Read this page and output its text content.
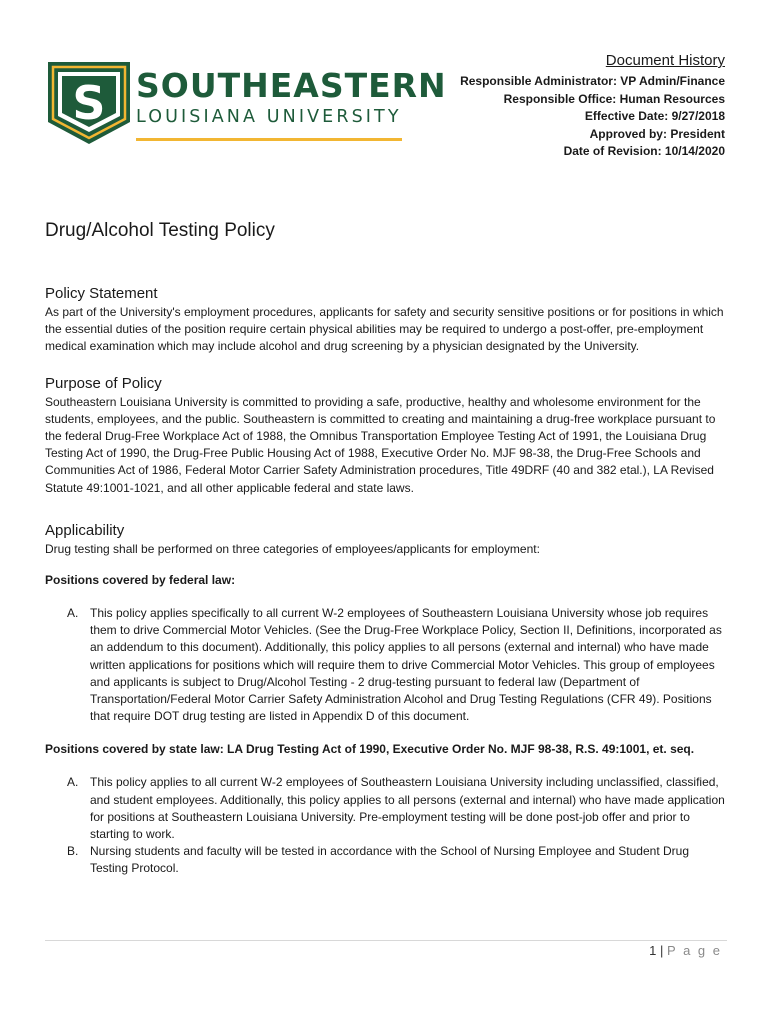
S SOUTHEASTERN
LOUISIANA UNIVERSITY
Document History
Responsible Administrator: VP Admin/Finance
Responsible Office: Human Resources
Effective Date: 9/27/2018
Approved by: President
Date of Revision: 10/14/2020
Drug/Alcohol Testing Policy
Policy Statement

As part of the University's employment procedures, applicants for safety and security sensitive positions or for positions in which the essential duties of the position require certain physical abilities may be required to undergo a post-offer, pre-employment medical examination which may include alcohol and drug screening by a physician designated by the University.

Purpose of Policy

Southeastern Louisiana University is committed to providing a safe, productive, healthy and wholesome environment for the students, employees, and the public. Southeastern is committed to creating and maintaining a drug-free workplace pursuant to the federal Drug-Free Workplace Act of 1988, the Omnibus Transportation Employee Testing Act of 1991, the Louisiana Drug Testing Act of 1990, the Drug-Free Public Housing Act of 1988, Executive Order No. MJF 98-38, the Drug-Free Schools and Communities Act of 1986, Federal Motor Carrier Safety Administration procedures, Title 49DRF (40 and 382 etal.), LA Revised Statute 49:1001-1021, and all other applicable federal and state laws.

Applicability

Drug testing shall be performed on three categories of employees/applicants for employment:

Positions covered by federal law:

A. This policy applies specifically to all current W-2 employees of Southeastern Louisiana University whose job requires them to drive Commercial Motor Vehicles. (See the Drug-Free Workplace Policy, Section II, Definitions, incorporated as an addendum to this document). Additionally, this policy applies to all persons (external and internal) who have made written applications for positions which will require them to drive Commercial Motor Vehicles. This group of employees and applicants is subject to Drug/Alcohol Testing - 2 drug-testing pursuant to federal law (Department of Transportation/Federal Motor Carrier Safety Administration Alcohol and Drug Testing Regulations (CFR 49). Positions that require DOT drug testing are listed in Appendix D of this document.

Positions covered by state law: LA Drug Testing Act of 1990, Executive Order No. MJF 98-38, R.S. 49:1001, et. seq.

A. This policy applies to all current W-2 employees of Southeastern Louisiana University including unclassified, classified, and student employees. Additionally, this policy applies to all persons (external and internal) who have made application for positions at Southeastern Louisiana University. Pre-employment testing will be done post-job offer and prior to starting to work.
B. Nursing students and faculty will be tested in accordance with the School of Nursing Employee and Student Drug Testing Protocol.
1 | P a g e
